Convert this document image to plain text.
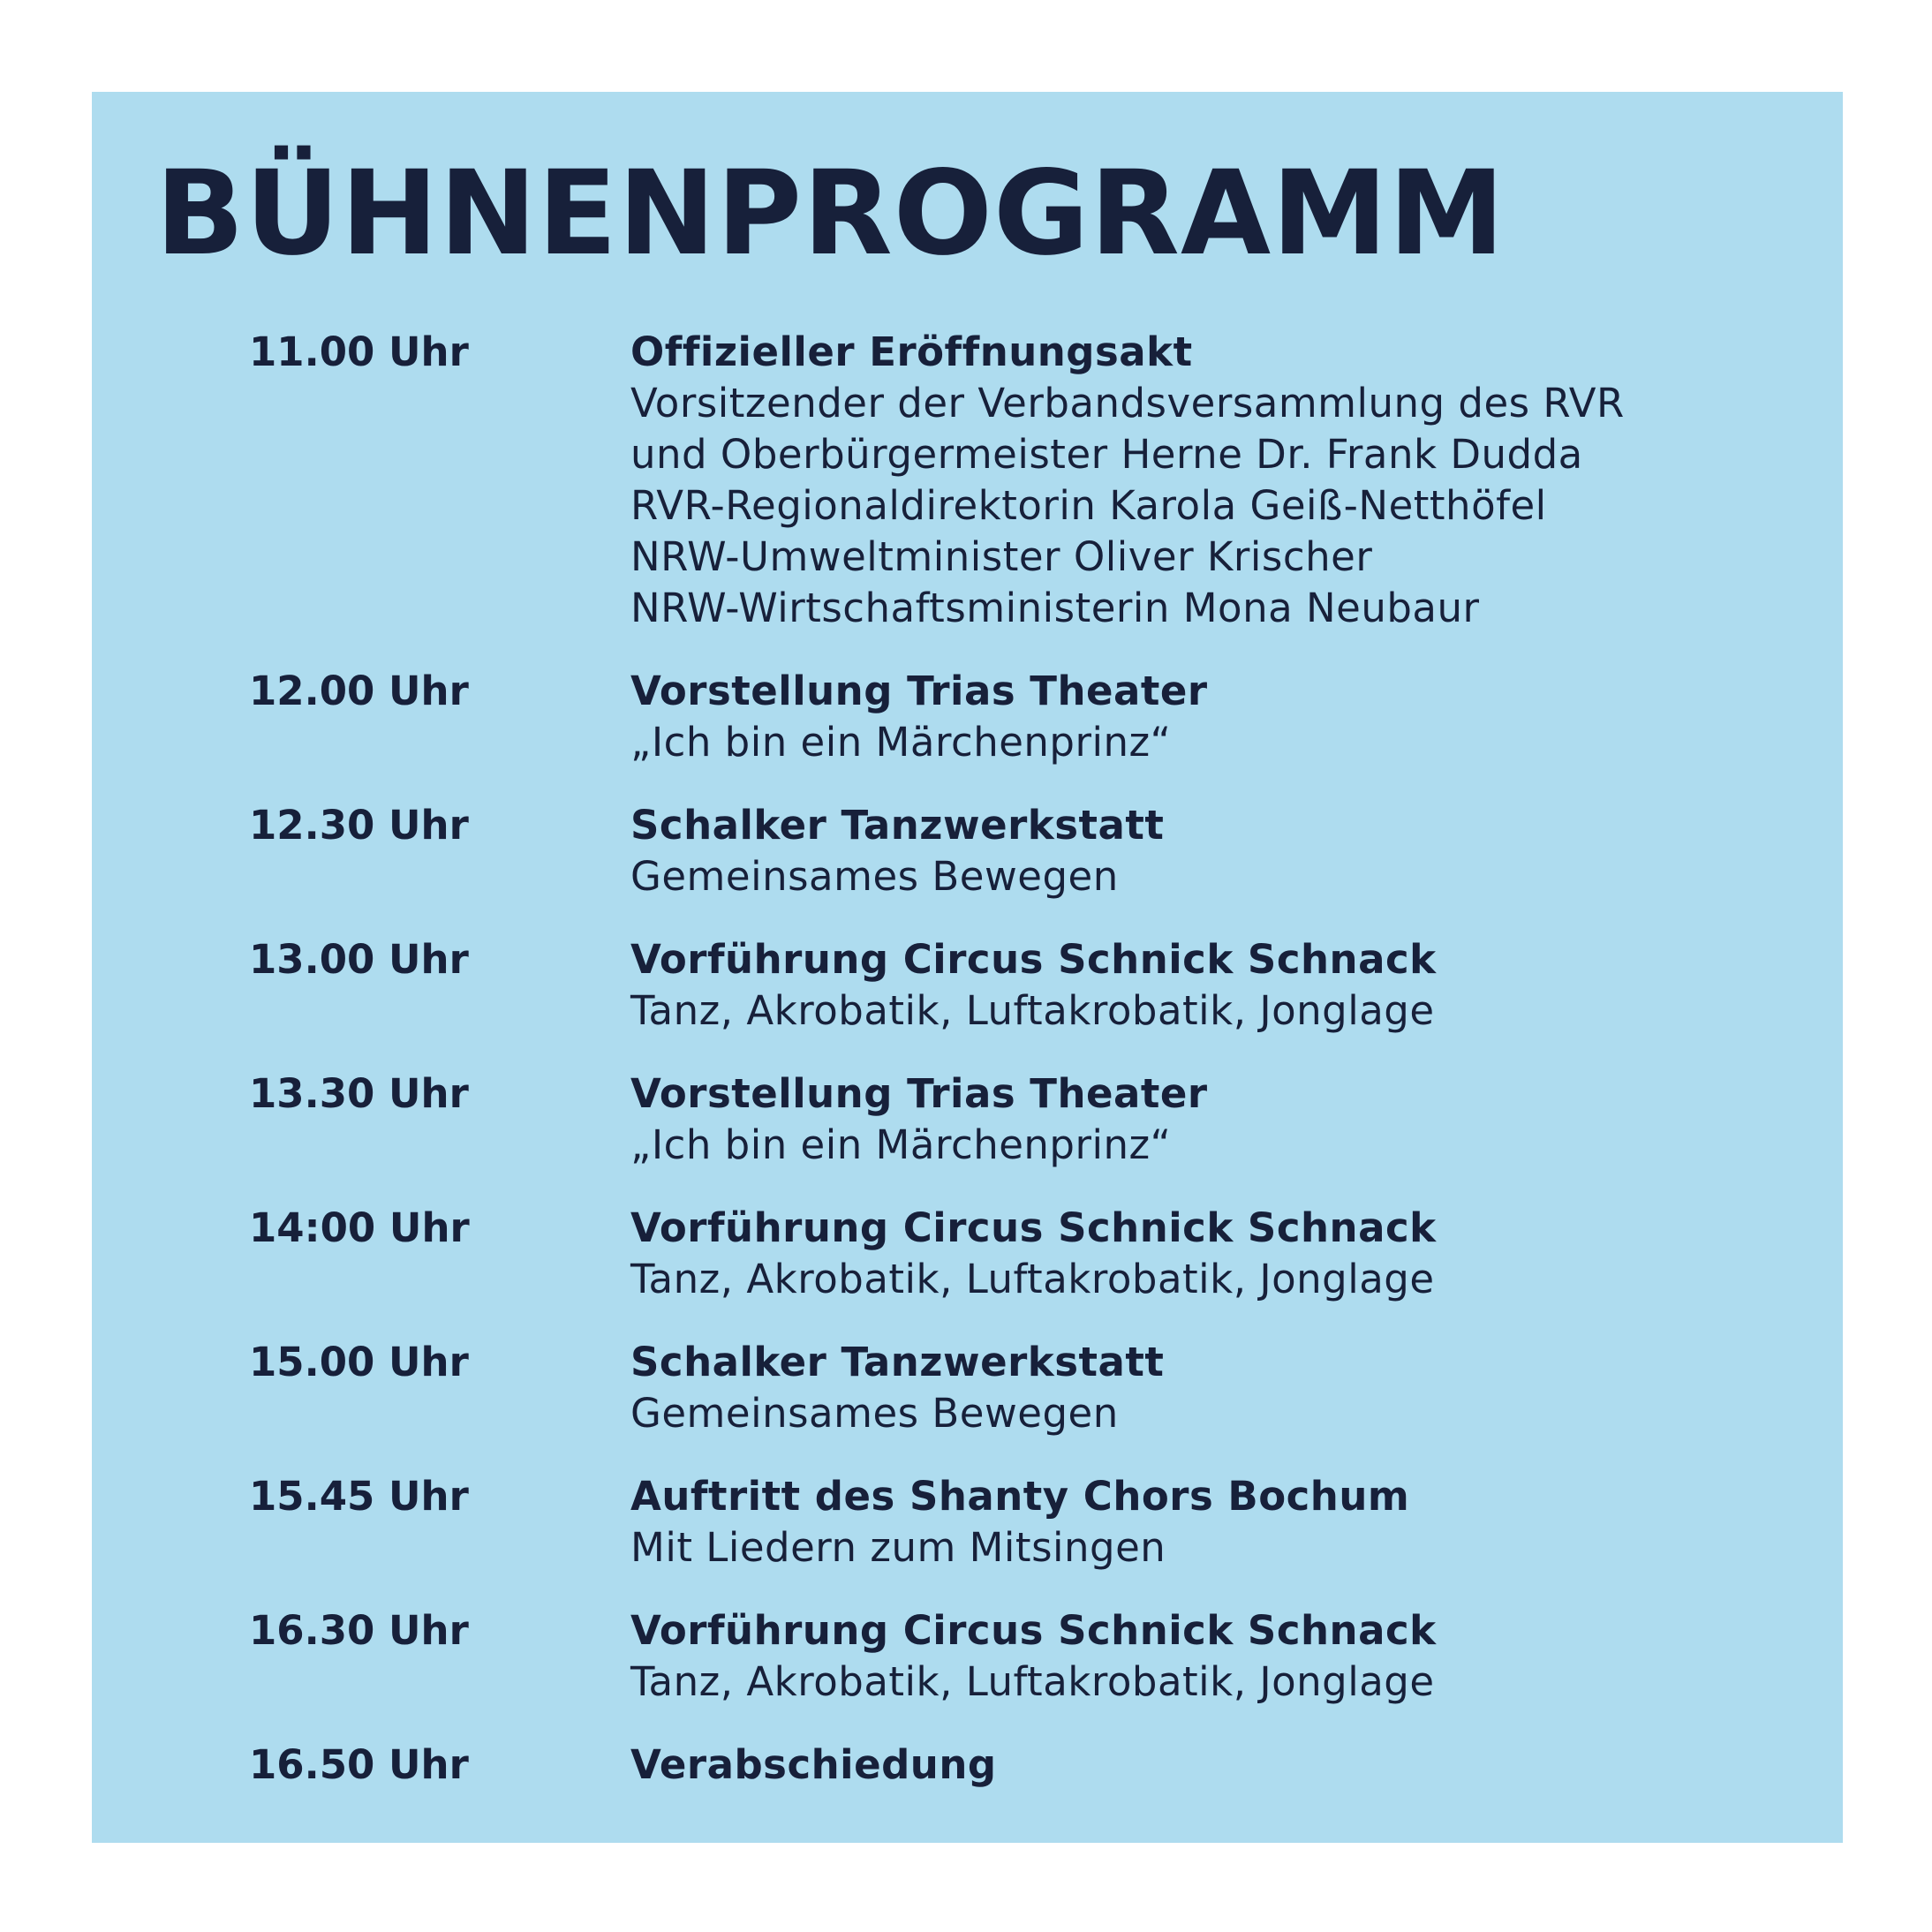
BÜHNENPROGRAMM
11.00 Uhr	Offizieller Eröffnungsakt
Vorsitzender der Verbandsversammlung des RVR
und Oberbürgermeister Herne Dr. Frank Dudda
RVR-Regionaldirektorin Karola Geiß-Netthöfel
NRW-Umweltminister Oliver Krischer
NRW-Wirtschaftsministerin Mona Neubaur
12.00 Uhr	Vorstellung Trias Theater
„Ich bin ein Märchenprinz“
12.30 Uhr	Schalker Tanzwerkstatt
Gemeinsames Bewegen
13.00 Uhr	Vorführung Circus Schnick Schnack
Tanz, Akrobatik, Luftakrobatik, Jonglage
13.30 Uhr	Vorstellung Trias Theater
„Ich bin ein Märchenprinz“
14:00 Uhr	Vorführung Circus Schnick Schnack
Tanz, Akrobatik, Luftakrobatik, Jonglage
15.00 Uhr	Schalker Tanzwerkstatt
Gemeinsames Bewegen
15.45 Uhr	Auftritt des Shanty Chors Bochum
Mit Liedern zum Mitsingen
16.30 Uhr	Vorführung Circus Schnick Schnack
Tanz, Akrobatik, Luftakrobatik, Jonglage
16.50 Uhr	Verabschiedung
